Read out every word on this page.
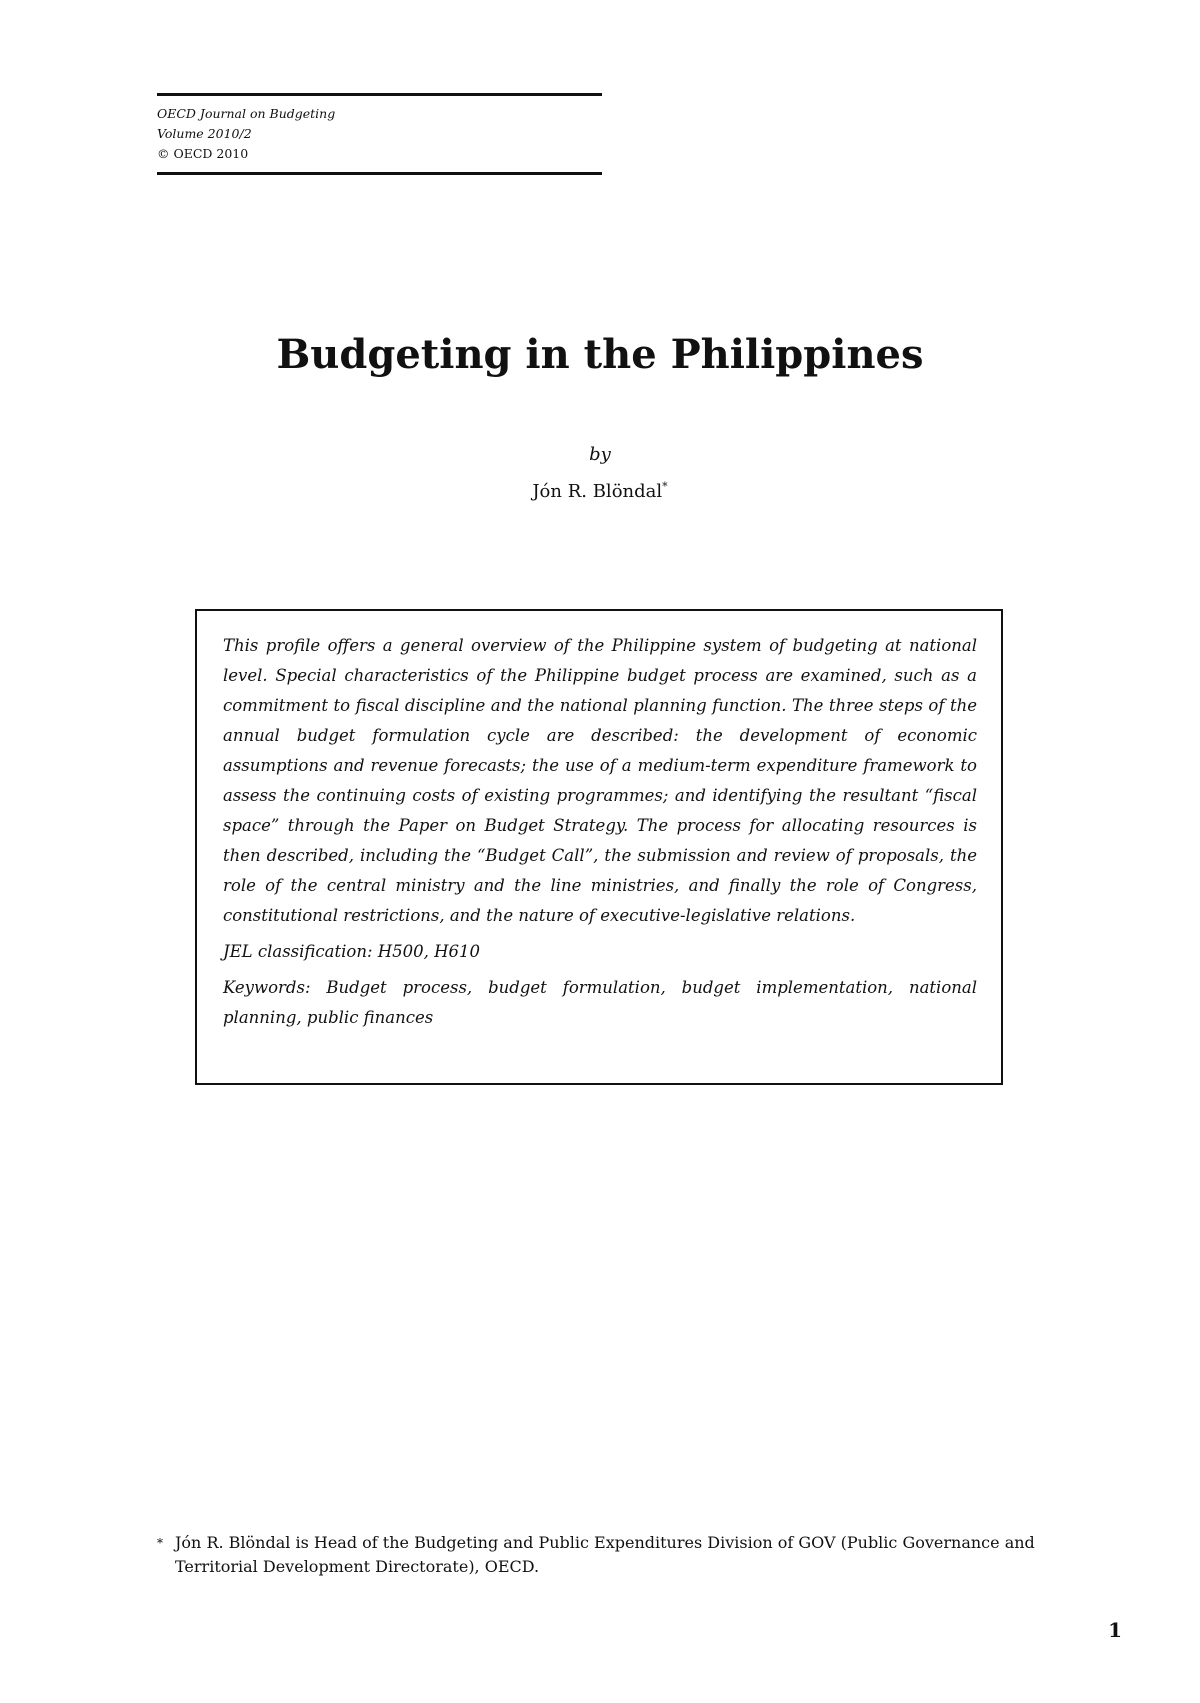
OECD Journal on Budgeting
Volume 2010/2
© OECD 2010
Budgeting in the Philippines
by
Jón R. Blöndal*

This profile offers a general overview of the Philippine system of budgeting at national level. Special characteristics of the Philippine budget process are examined, such as a commitment to fiscal discipline and the national planning function. The three steps of the annual budget formulation cycle are described: the development of economic assumptions and revenue forecasts; the use of a medium-term expenditure framework to assess the continuing costs of existing programmes; and identifying the resultant “fiscal space” through the Paper on Budget Strategy. The process for allocating resources is then described, including the “Budget Call”, the submission and review of proposals, the role of the central ministry and the line ministries, and finally the role of Congress, constitutional restrictions, and the nature of executive-legislative relations.

JEL classification: H500, H610

Keywords: Budget process, budget formulation, budget implementation, national planning, public finances

* Jón R. Blöndal is Head of the Budgeting and Public Expenditures Division of GOV (Public Governance and Territorial Development Directorate), OECD.
1
